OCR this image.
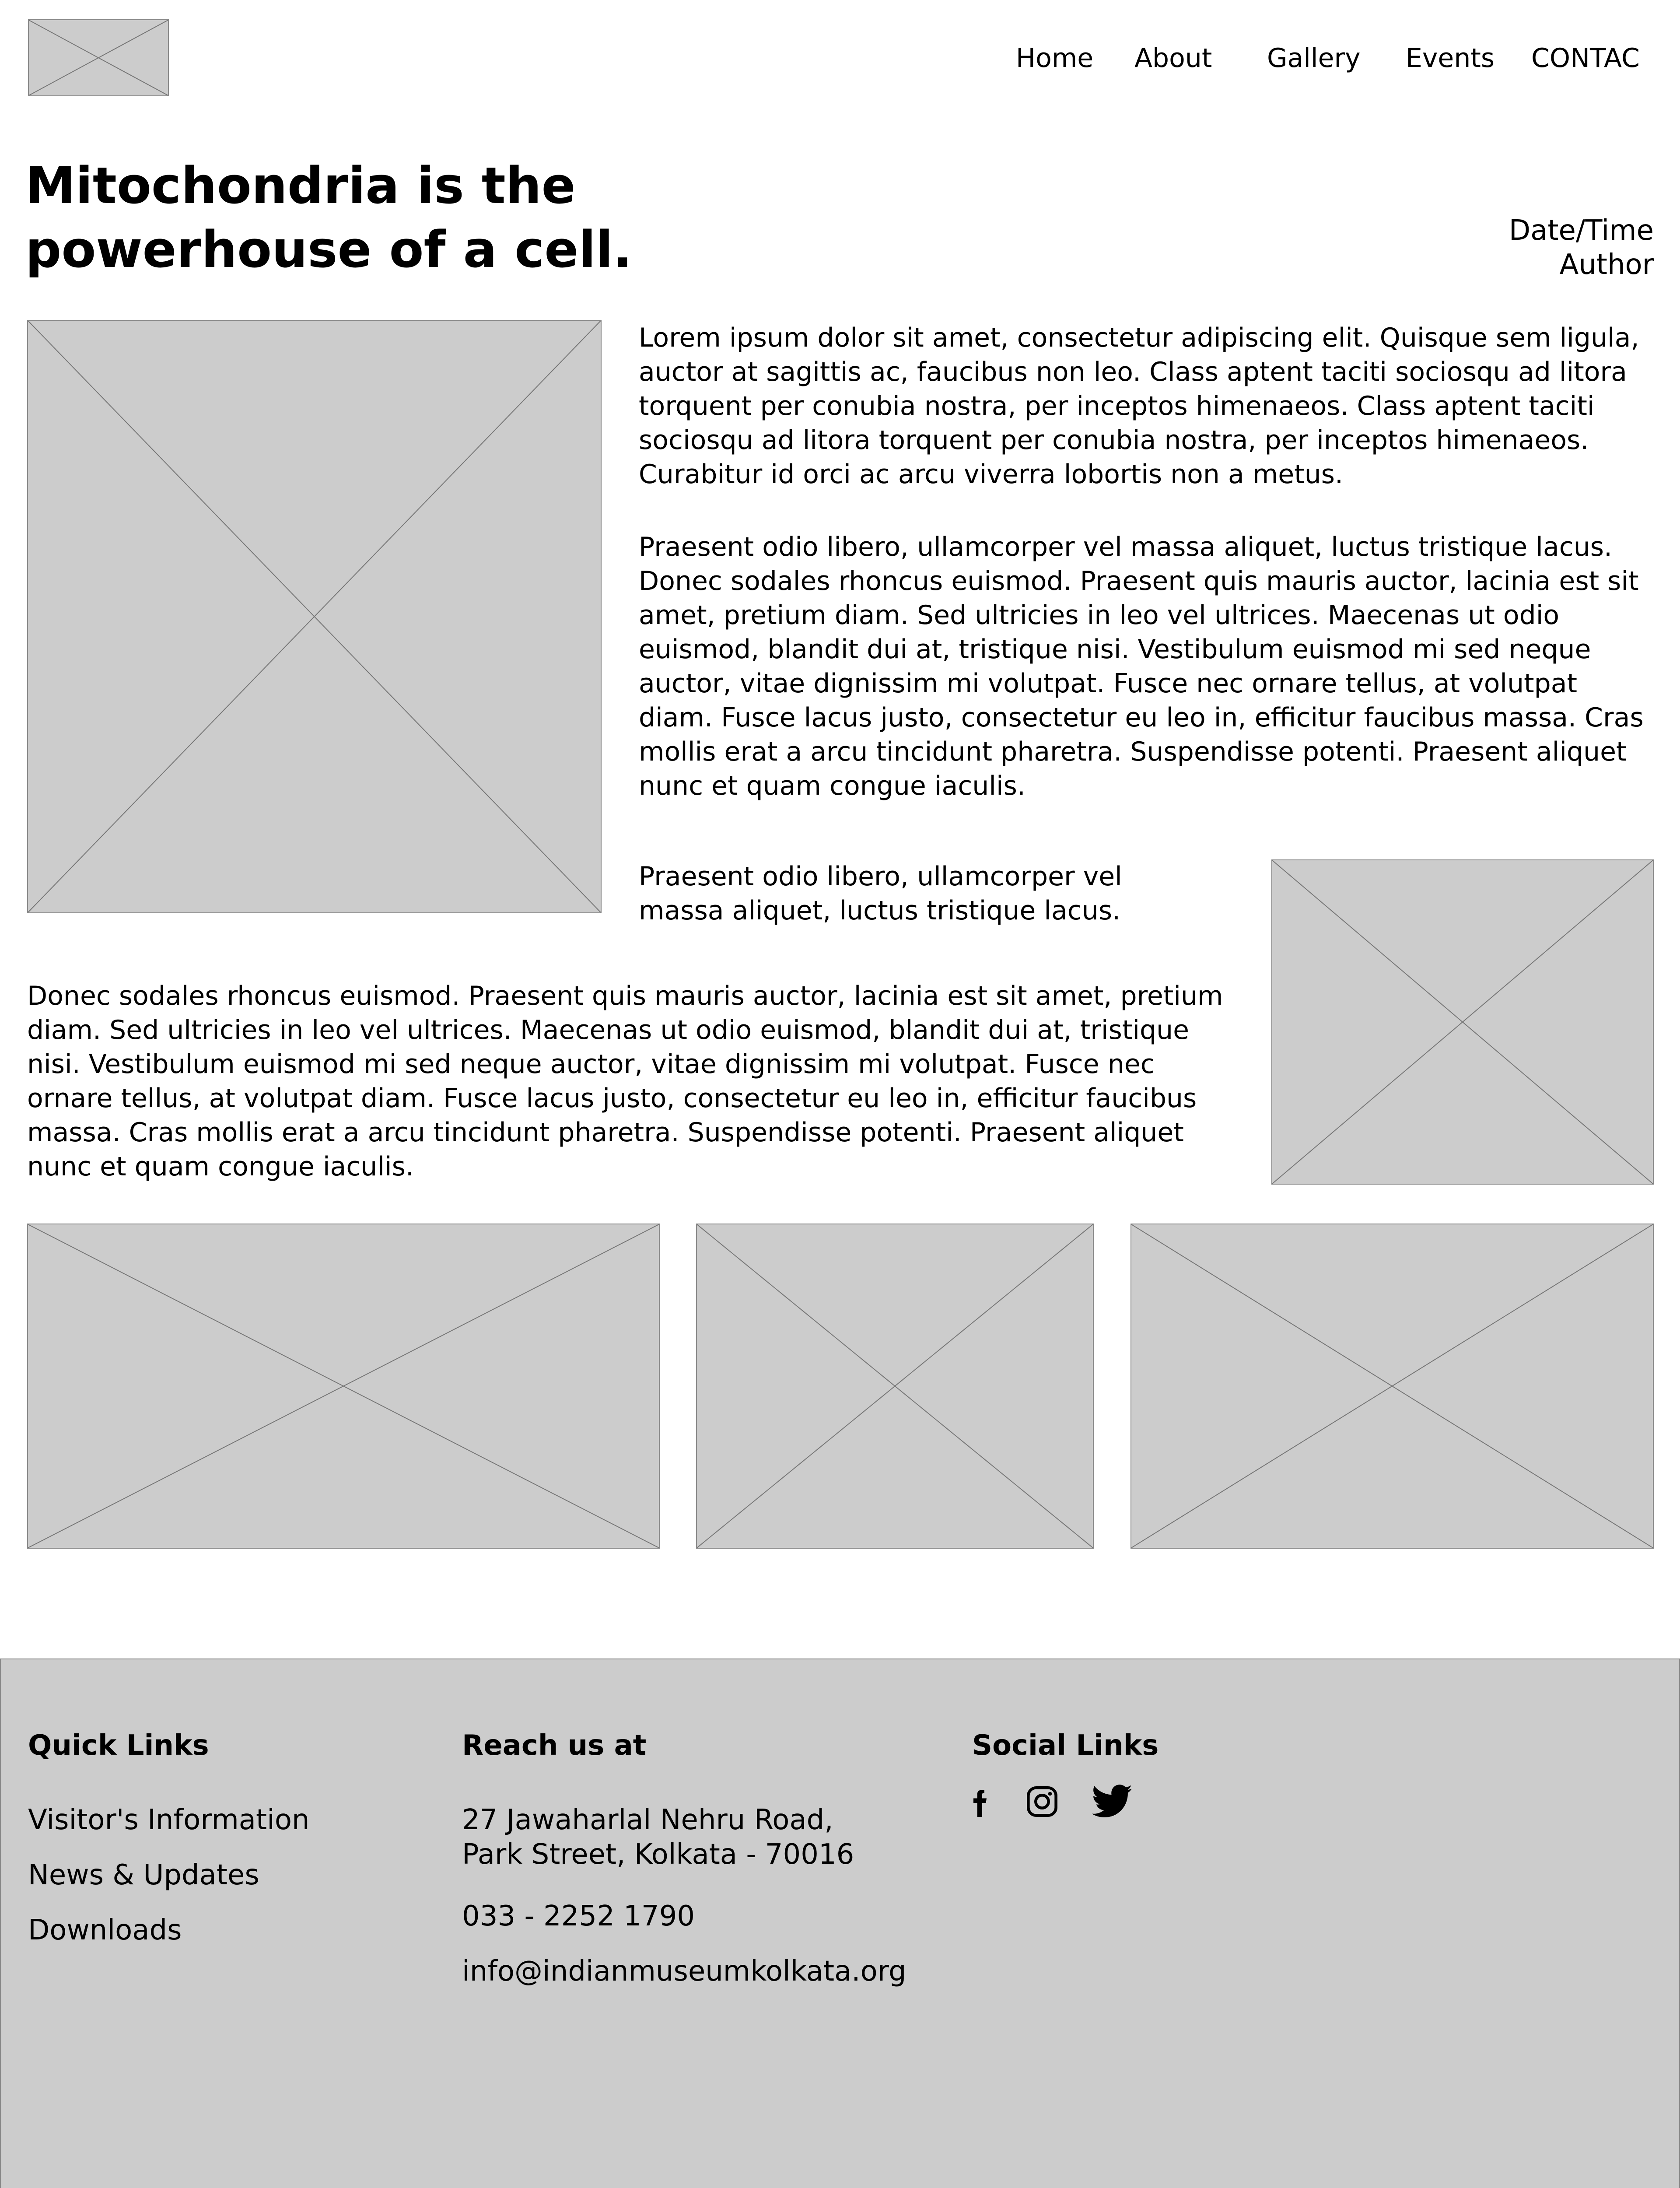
Home About Gallery Events CONTAC
Mitochondria is the
powerhouse of a cell.	Date/Time
Author

Lorem ipsum dolor sit amet, consectetur adipiscing elit. Quisque sem ligula, auctor at sagittis ac, faucibus non leo. Class aptent taciti sociosqu ad litora torquent per conubia nostra, per inceptos himenaeos. Class aptent taciti sociosqu ad litora torquent per conubia nostra, per inceptos himenaeos. Curabitur id orci ac arcu viverra lobortis non a metus.

Praesent odio libero, ullamcorper vel massa aliquet, luctus tristique lacus. Donec sodales rhoncus euismod. Praesent quis mauris auctor, lacinia est sit amet, pretium diam. Sed ultricies in leo vel ultrices. Maecenas ut odio euismod, blandit dui at, tristique nisi. Vestibulum euismod mi sed neque auctor, vitae dignissim mi volutpat. Fusce nec ornare tellus, at volutpat diam. Fusce lacus justo, consectetur eu leo in, efficitur faucibus massa. Cras mollis erat a arcu tincidunt pharetra. Suspendisse potenti. Praesent aliquet nunc et quam congue iaculis.

Praesent odio libero, ullamcorper vel massa aliquet, luctus tristique lacus.

Donec sodales rhoncus euismod. Praesent quis mauris auctor, lacinia est sit amet, pretium diam. Sed ultricies in leo vel ultrices. Maecenas ut odio euismod, blandit dui at, tristique nisi. Vestibulum euismod mi sed neque auctor, vitae dignissim mi volutpat. Fusce nec ornare tellus, at volutpat diam. Fusce lacus justo, consectetur eu leo in, efficitur faucibus massa. Cras mollis erat a arcu tincidunt pharetra. Suspendisse potenti. Praesent aliquet nunc et quam congue iaculis.

Quick Links
Visitor's Information
News & Updates
Downloads
Reach us at
27 Jawaharlal Nehru Road,
Park Street, Kolkata - 70016
033 - 2252 1790
info@indianmuseumkolkata.org
Social Links
